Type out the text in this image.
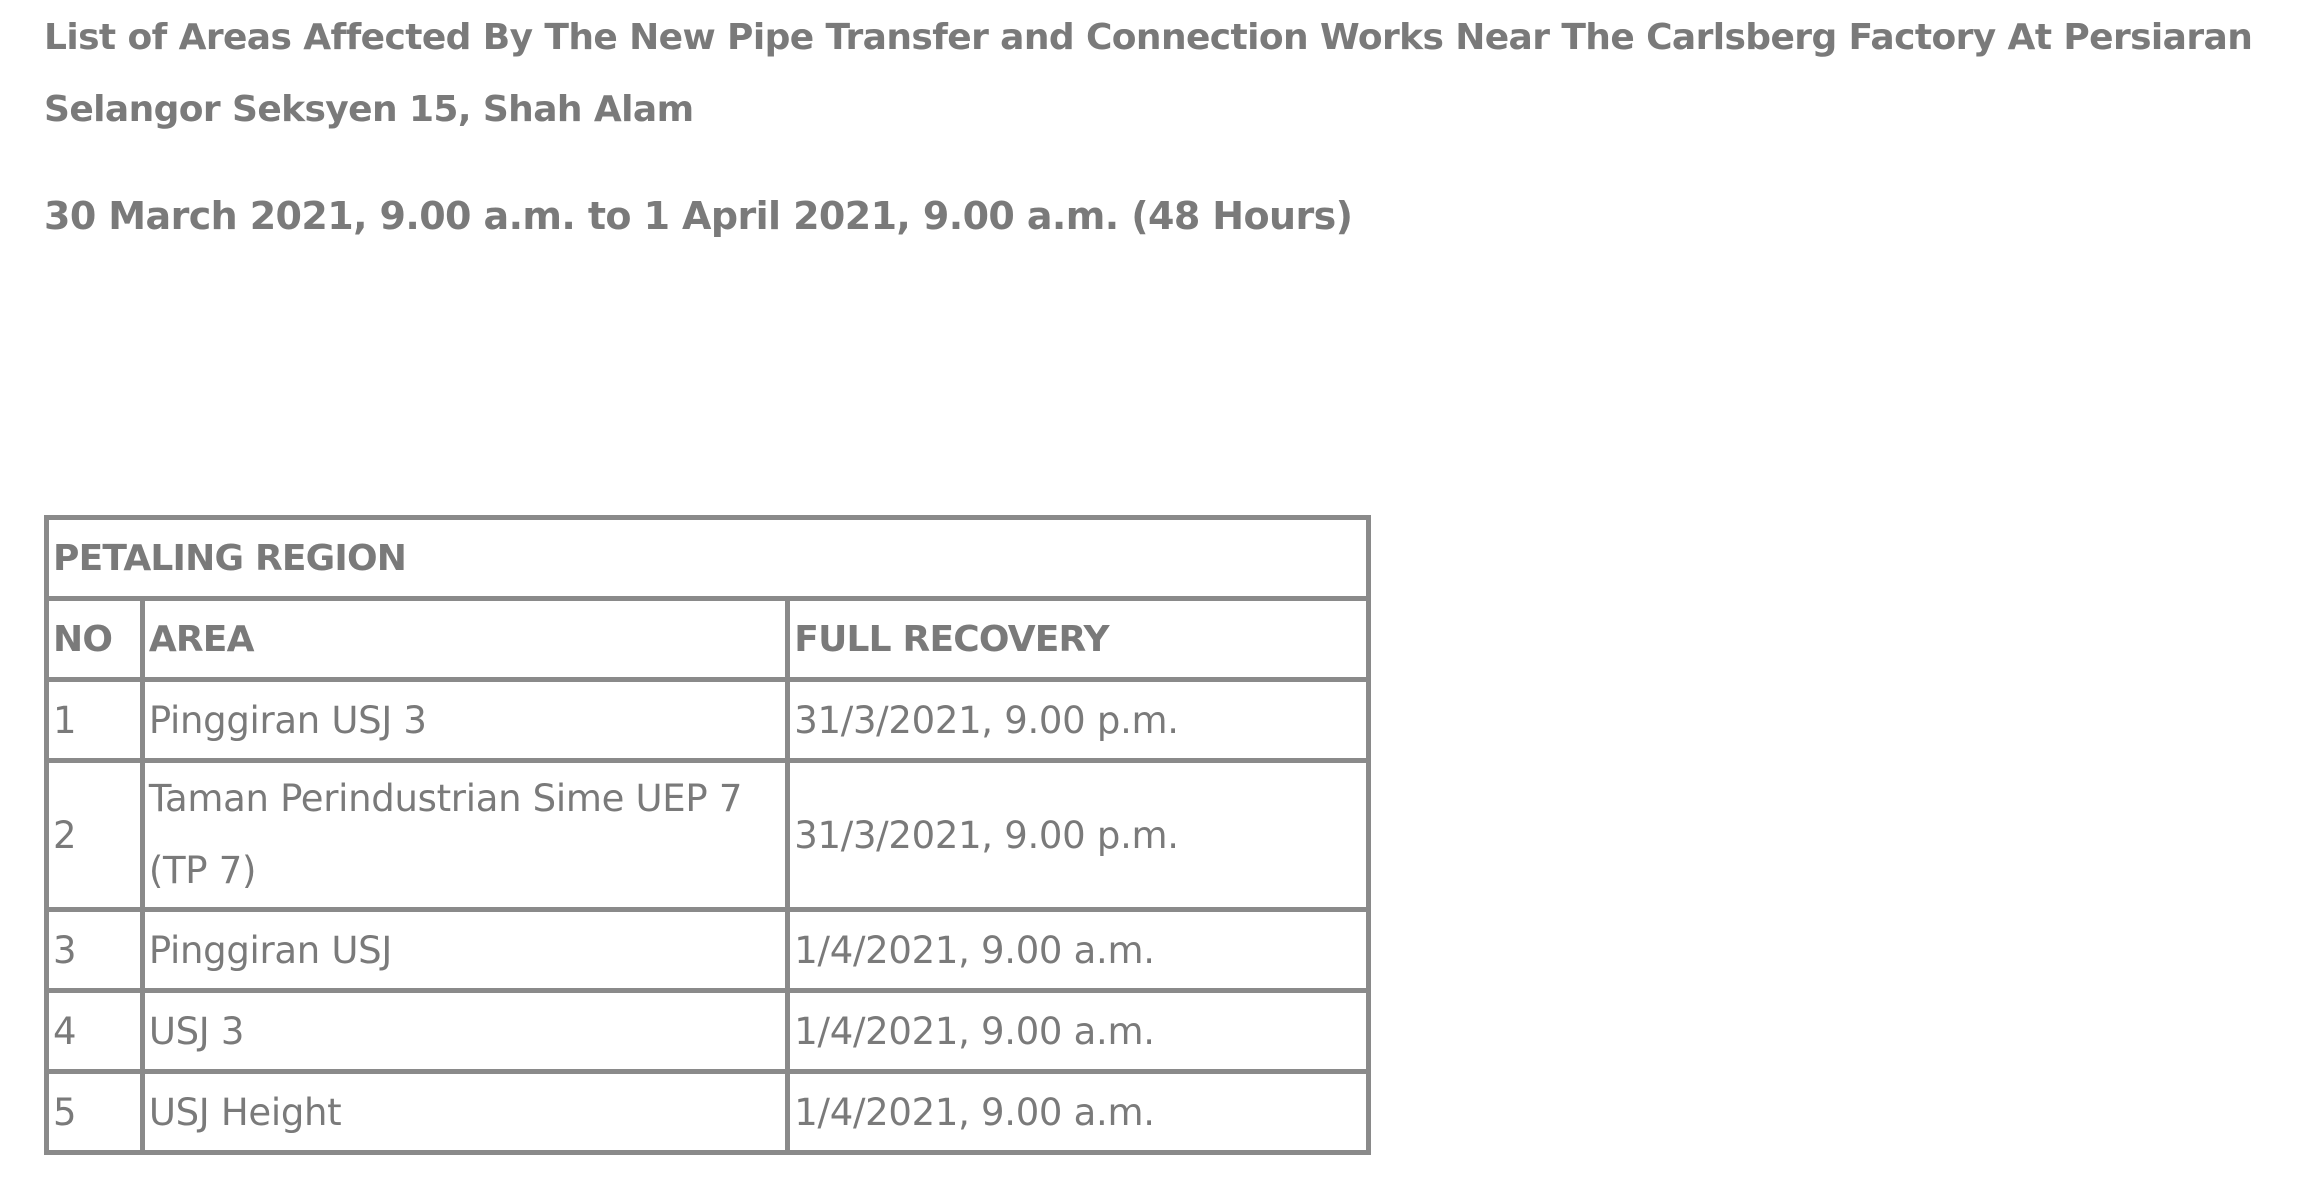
List of Areas Affected By The New Pipe Transfer and Connection Works Near The Carlsberg Factory At Persiaran Selangor Seksyen 15, Shah Alam

30 March 2021, 9.00 a.m. to 1 April 2021, 9.00 a.m. (48 Hours)

PETALING REGION		
NO	AREA	FULL RECOVERY
1	Pinggiran USJ 3	31/3/2021, 9.00 p.m.
2	Taman Perindustrian Sime UEP 7 (TP 7)	31/3/2021, 9.00 p.m.
3	Pinggiran USJ	1/4/2021, 9.00 a.m.
4	USJ 3	1/4/2021, 9.00 a.m.
5	USJ Height	1/4/2021, 9.00 a.m.
